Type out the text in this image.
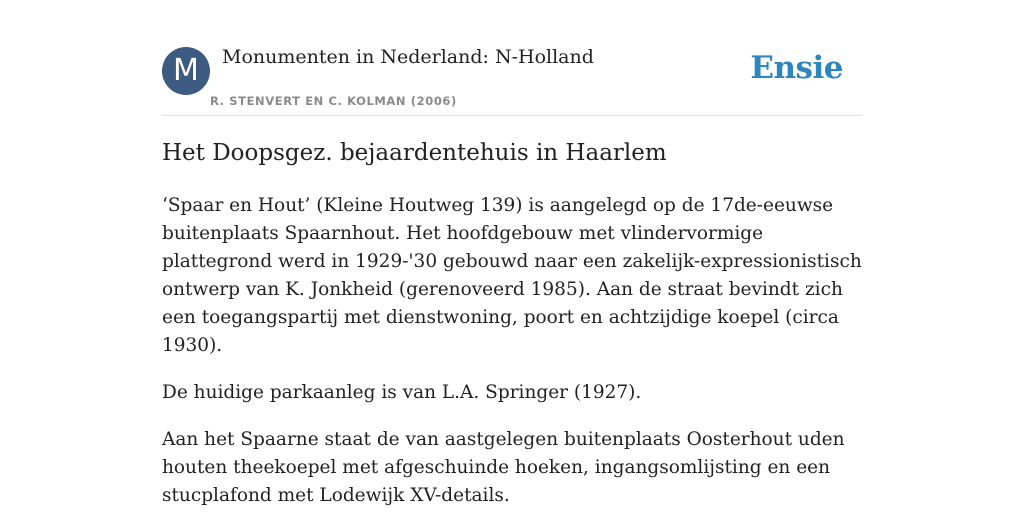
M	Monumenten in Nederland: N-Holland
R. STENVERT EN C. KOLMAN (2006)
Ensie
Het Doopsgez. bejaardentehuis in Haarlem

‘Spaar en Hout’ (Kleine Houtweg 139) is aangelegd op de 17de-eeuwse buitenplaats Spaarnhout. Het hoofdgebouw met vlindervormige plattegrond werd in 1929-'30 gebouwd naar een zakelijk-expressionistisch ontwerp van K. Jonkheid (gerenoveerd 1985). Aan de straat bevindt zich een toegangspartij met dienstwoning, poort en achtzijdige koepel (circa 1930).

De huidige parkaanleg is van L.A. Springer (1927).

Aan het Spaarne staat de van aastgelegen buitenplaats Oosterhout uden houten theekoepel met afgeschuinde hoeken, ingangsomlijsting en een stucplafond met Lodewijk XV-details.
